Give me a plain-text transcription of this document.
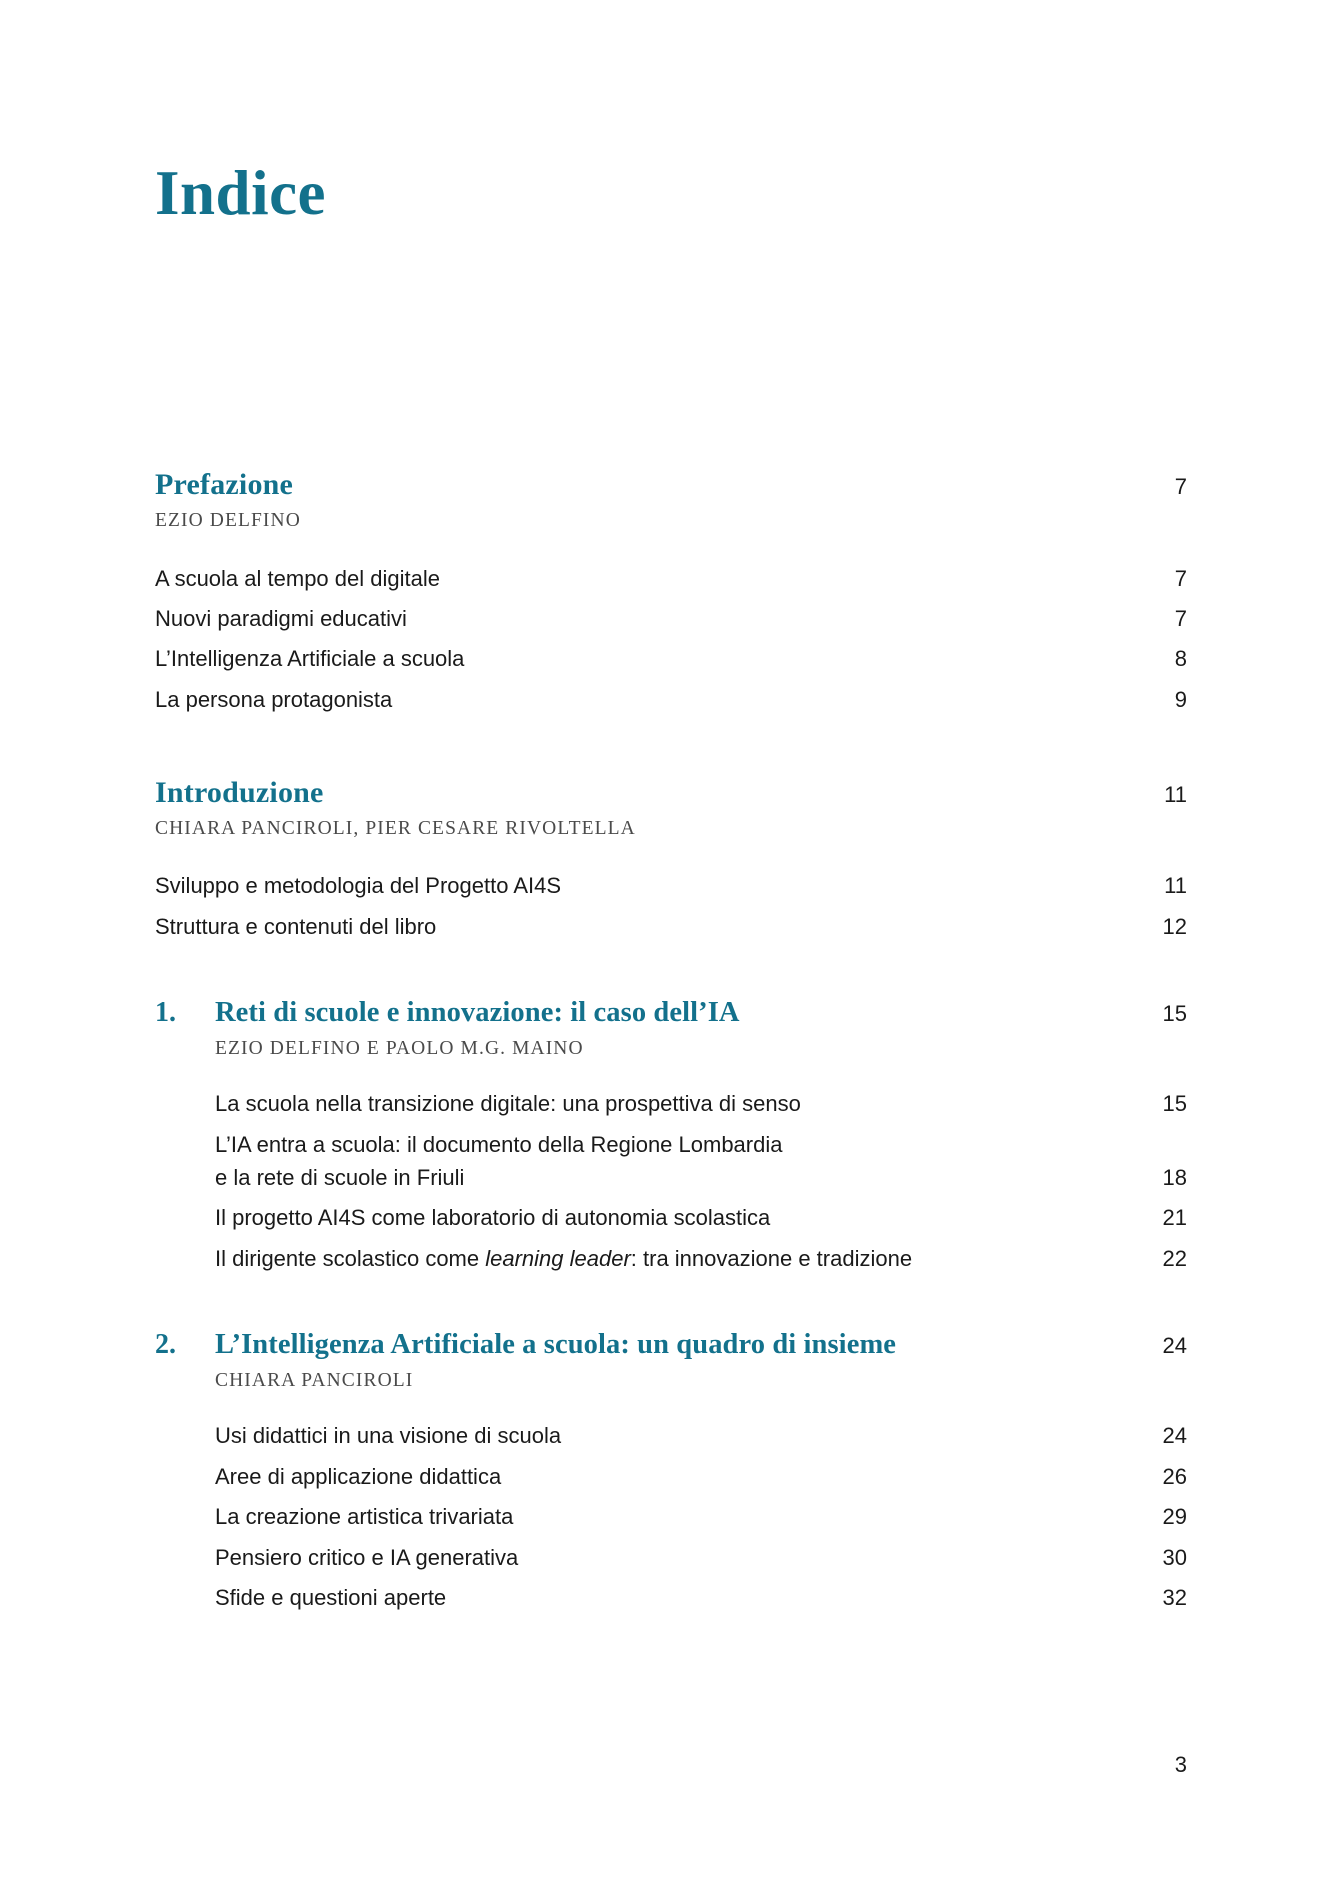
Indice
Prefazione	7
EZIO DELFINO
A scuola al tempo del digitale	7
Nuovi paradigmi educativi	7
L’Intelligenza Artificiale a scuola	8
La persona protagonista	9
Introduzione	11
CHIARA PANCIROLI, PIER CESARE RIVOLTELLA
Sviluppo e metodologia del Progetto AI4S	11
Struttura e contenuti del libro	12
1.	Reti di scuole e innovazione: il caso dell’IA	15
EZIO DELFINO E PAOLO M.G. MAINO
La scuola nella transizione digitale: una prospettiva di senso	15
L’IA entra a scuola: il documento della Regione Lombardia
e la rete di scuole in Friuli	18
Il progetto AI4S come laboratorio di autonomia scolastica	21
Il dirigente scolastico come learning leader: tra innovazione e tradizione	22
2.	L’Intelligenza Artificiale a scuola: un quadro di insieme	24
CHIARA PANCIROLI
Usi didattici in una visione di scuola	24
Aree di applicazione didattica	26
La creazione artistica trivariata	29
Pensiero critico e IA generativa	30
Sfide e questioni aperte	32
3
